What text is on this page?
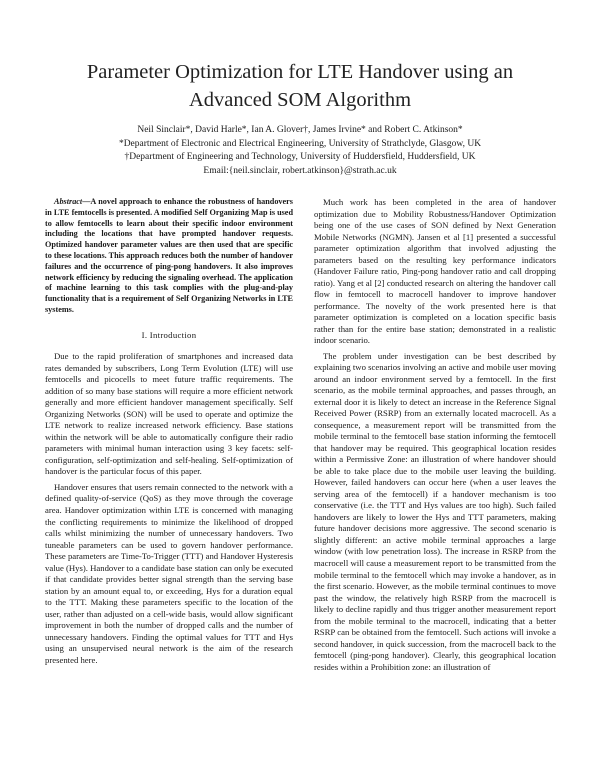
Parameter Optimization for LTE Handover using an
Advanced SOM Algorithm
Neil Sinclair*, David Harle*, Ian A. Glover†, James Irvine* and Robert C. Atkinson*
*Department of Electronic and Electrical Engineering, University of Strathclyde, Glasgow, UK
†Department of Engineering and Technology, University of Huddersfield, Huddersfield, UK
Email:{neil.sinclair, robert.atkinson}@strath.ac.uk

Abstract—A novel approach to enhance the robustness of handovers in LTE femtocells is presented. A modified Self Organizing Map is used to allow femtocells to learn about their specific indoor environment including the locations that have prompted handover requests. Optimized handover parameter values are then used that are specific to these locations. This approach reduces both the number of handover failures and the occurrence of ping-pong handovers. It also improves network efficiency by reducing the signaling overhead. The application of machine learning to this task complies with the plug-and-play functionality that is a requirement of Self Organizing Networks in LTE systems.

I. Introduction

Due to the rapid proliferation of smartphones and increased data rates demanded by subscribers, Long Term Evolution (LTE) will use femtocells and picocells to meet future traffic requirements. The addition of so many base stations will require a more efficient network generally and more efficient handover management specifically. Self Organizing Networks (SON) will be used to operate and optimize the LTE network to realize increased network efficiency. Base stations within the network will be able to automatically configure their radio parameters with minimal human interaction using 3 key facets: self-configuration, self-optimization and self-healing. Self-optimization of handover is the particular focus of this paper.

Handover ensures that users remain connected to the network with a defined quality-of-service (QoS) as they move through the coverage area. Handover optimization within LTE is concerned with managing the conflicting requirements to minimize the likelihood of dropped calls whilst minimizing the number of unnecessary handovers. Two tuneable parameters can be used to govern handover performance. These parameters are Time-To-Trigger (TTT) and Handover Hysteresis value (Hys). Handover to a candidate base station can only be executed if that candidate provides better signal strength than the serving base station by an amount equal to, or exceeding, Hys for a duration equal to the TTT. Making these parameters specific to the location of the user, rather than adjusted on a cell-wide basis, would allow significant improvement in both the number of dropped calls and the number of unnecessary handovers. Finding the optimal values for TTT and Hys using an unsupervised neural network is the aim of the research presented here.

Much work has been completed in the area of handover optimization due to Mobility Robustness/Handover Optimization being one of the use cases of SON defined by Next Generation Mobile Networks (NGMN). Jansen et al [1] presented a successful parameter optimization algorithm that involved adjusting the parameters based on the resulting key performance indicators (Handover Failure ratio, Ping-pong handover ratio and call dropping ratio). Yang et al [2] conducted research on altering the handover call flow in femtocell to macrocell handover to improve handover performance. The novelty of the work presented here is that parameter optimization is completed on a location specific basis rather than for the entire base station; demonstrated in a realistic indoor scenario.

The problem under investigation can be best described by explaining two scenarios involving an active and mobile user moving around an indoor environment served by a femtocell. In the first scenario, as the mobile terminal approaches, and passes through, an external door it is likely to detect an increase in the Reference Signal Received Power (RSRP) from an externally located macrocell. As a consequence, a measurement report will be transmitted from the mobile terminal to the femtocell base station informing the femtocell that handover may be required. This geographical location resides within a Permissive Zone: an illustration of where handover should be able to take place due to the mobile user leaving the building. However, failed handovers can occur here (when a user leaves the serving area of the femtocell) if a handover mechanism is too conservative (i.e. the TTT and Hys values are too high). Such failed handovers are likely to lower the Hys and TTT parameters, making future handover decisions more aggressive. The second scenario is slightly different: an active mobile terminal approaches a large window (with low penetration loss). The increase in RSRP from the macrocell will cause a measurement report to be transmitted from the mobile terminal to the femtocell which may invoke a handover, as in the first scenario. However, as the mobile terminal continues to move past the window, the relatively high RSRP from the macrocell is likely to decline rapidly and thus trigger another measurement report from the mobile terminal to the macrocell, indicating that a better RSRP can be obtained from the femtocell. Such actions will invoke a second handover, in quick succession, from the macrocell back to the femtocell (ping-pong handover). Clearly, this geographical location resides within a Prohibition zone: an illustration of
